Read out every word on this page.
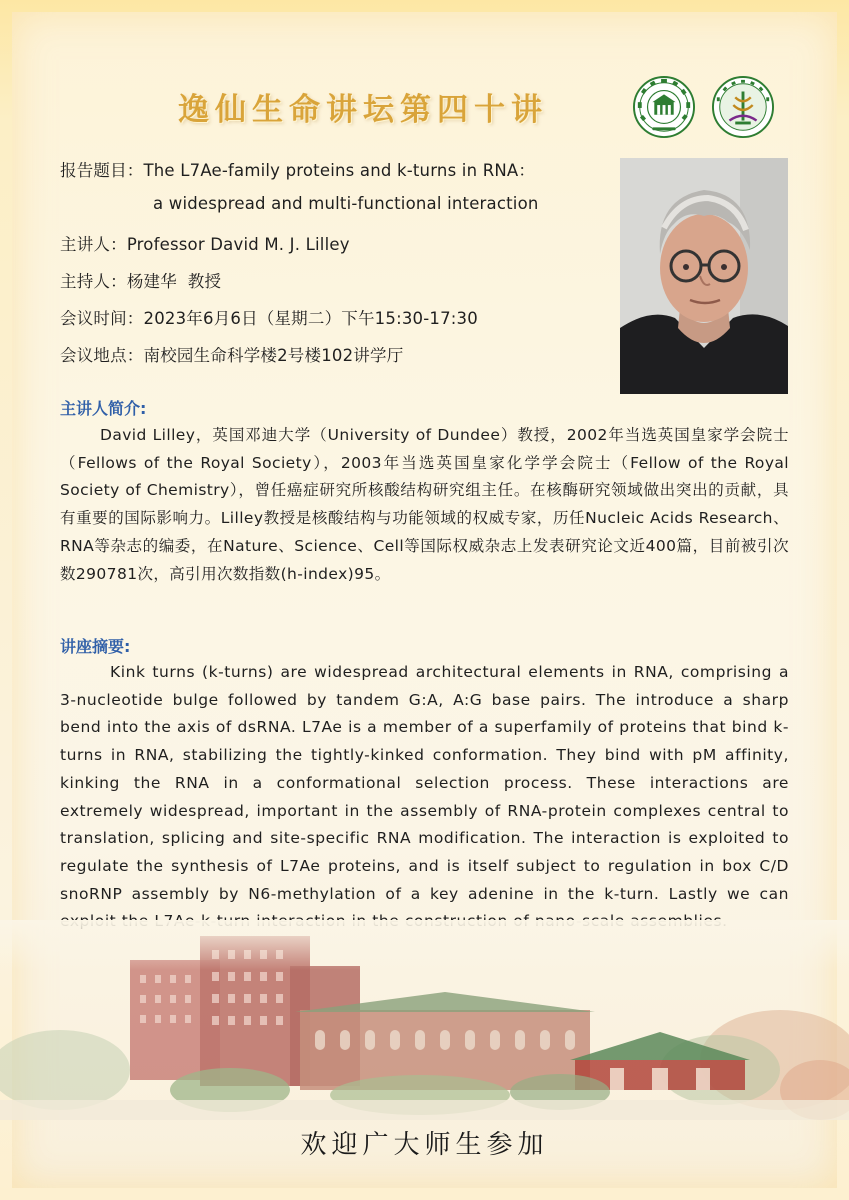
逸仙生命讲坛第四十讲
报告题目：The L7Ae-family proteins and k-turns in RNA：
a widespread and multi-functional interaction
主讲人：Professor David M. J. Lilley
主持人：杨建华  教授
会议时间：2023年6月6日（星期二）下午15:30-17:30
会议地点：南校园生命科学楼2号楼102讲学厅
主讲人简介:

David Lilley，英国邓迪大学（University of Dundee）教授，2002年当选英国皇家学会院士（Fellows of the Royal Society），2003年当选英国皇家化学学会院士（Fellow of the Royal Society of Chemistry），曾任癌症研究所核酸结构研究组主任。在核酶研究领域做出突出的贡献，具有重要的国际影响力。Lilley教授是核酸结构与功能领域的权威专家，历任Nucleic Acids Research、RNA等杂志的编委，在Nature、Science、Cell等国际权威杂志上发表研究论文近400篇，目前被引次数290781次，高引用次数指数(h-index)95。

讲座摘要:

Kink turns (k-turns) are widespread architectural elements in RNA, comprising a 3-nucleotide bulge followed by tandem G:A, A:G base pairs. The introduce a sharp bend into the axis of dsRNA. L7Ae is a member of a superfamily of proteins that bind k-turns in RNA, stabilizing the tightly-kinked conformation. They bind with pM affinity, kinking the RNA in a conformational selection process. These interactions are extremely widespread, important in the assembly of RNA-protein complexes central to translation, splicing and site-specific RNA modification. The interaction is exploited to regulate the synthesis of L7Ae proteins, and is itself subject to regulation in box C/D snoRNP assembly by N6-methylation of a key adenine in the k-turn. Lastly we can

欢迎广大师生参加
